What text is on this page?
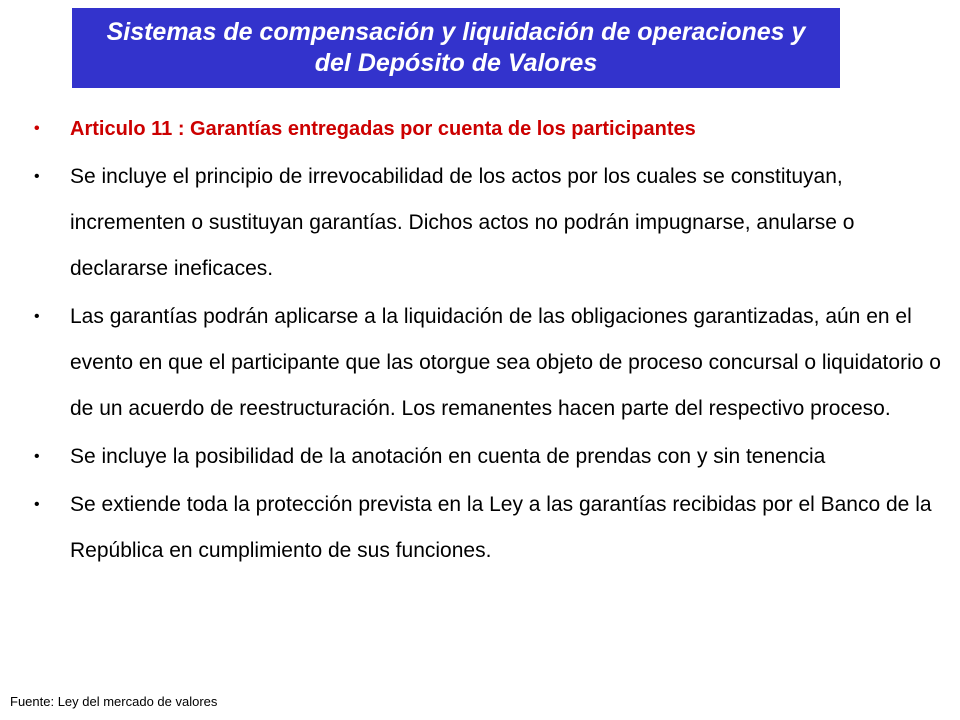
Sistemas de compensación y liquidación de operaciones y
del Depósito de Valores
• Articulo 11 : Garantías entregadas por cuenta de los participantes
• Se incluye el principio de irrevocabilidad de los actos por los cuales se constituyan, incrementen o sustituyan garantías. Dichos actos no podrán impugnarse, anularse o declararse ineficaces.
• Las garantías podrán aplicarse a la liquidación de las obligaciones garantizadas, aún en el evento en que el participante que las otorgue sea objeto de proceso concursal o liquidatorio o de un acuerdo de reestructuración. Los remanentes hacen parte del respectivo proceso.
• Se incluye la posibilidad de la anotación en cuenta de prendas con y sin tenencia
• Se extiende toda la protección prevista en la Ley a las garantías recibidas por el Banco de la República en cumplimiento de sus funciones.
Fuente: Ley del mercado de valores
